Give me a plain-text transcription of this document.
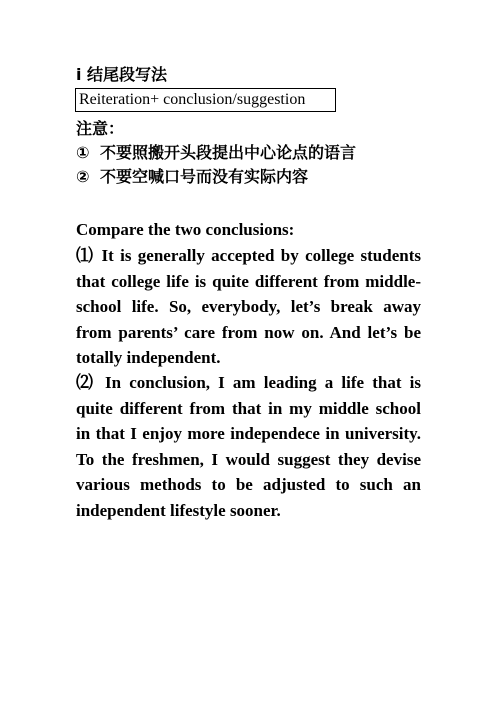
i 结尾段写法
Reiteration+ conclusion/suggestion
注意：
① 不要照搬开头段提出中心论点的语言
② 不要空喊口号而没有实际内容
Compare the two conclusions:
⑴ It is generally accepted by college students that college life is quite different from middle-school life. So, everybody, let’s break away from parents’ care from now on. And let’s be totally independent.
⑵ In conclusion, I am leading a life that is quite different from that in my middle school in that I enjoy more independece in university. To the freshmen, I would suggest they devise various methods to be adjusted to such an independent lifestyle sooner.
